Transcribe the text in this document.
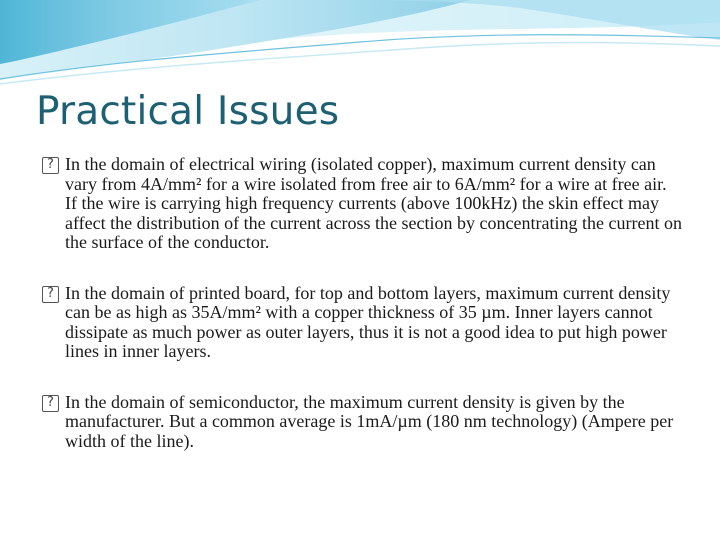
Practical Issues
? In the domain of electrical wiring (isolated copper), maximum current density can vary from 4A/mm² for a wire isolated from free air to 6A/mm² for a wire at free air. If the wire is carrying high frequency currents (above 100kHz) the skin effect may affect the distribution of the current across the section by concentrating the current on the surface of the conductor.
? In the domain of printed board, for top and bottom layers, maximum current density can be as high as 35A/mm² with a copper thickness of 35 µm. Inner layers cannot dissipate as much power as outer layers, thus it is not a good idea to put high power lines in inner layers.
? In the domain of semiconductor, the maximum current density is given by the manufacturer. But a common average is 1mA/µm (180 nm technology) (Ampere per width of the line).
